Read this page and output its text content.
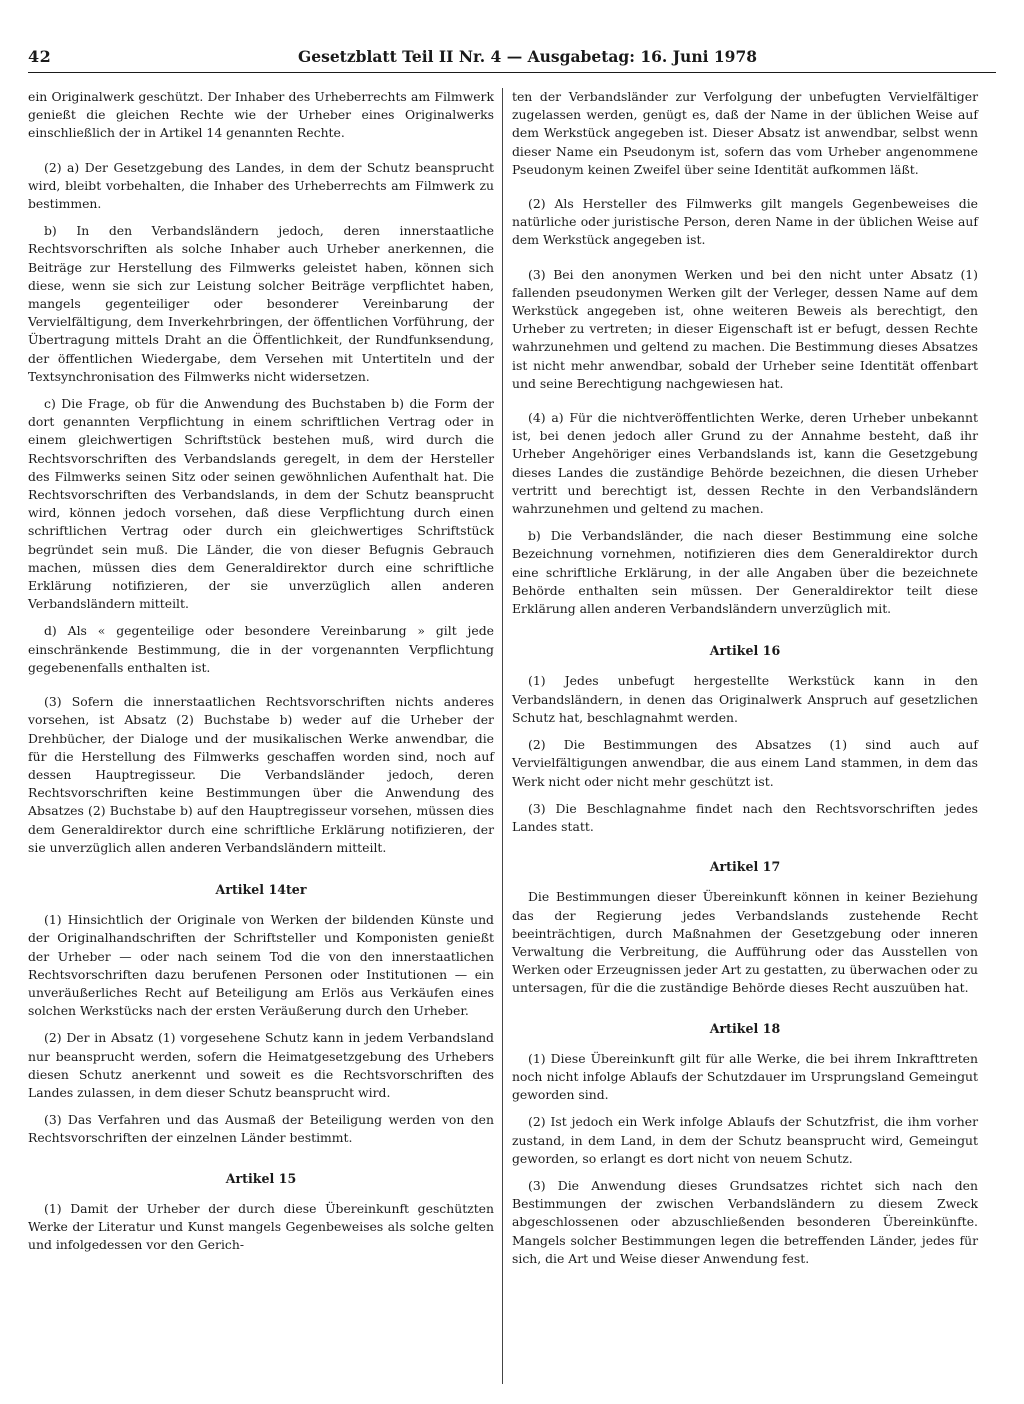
42	Gesetzblatt Teil II Nr. 4 — Ausgabetag: 16. Juni 1978

ein Originalwerk geschützt. Der Inhaber des Urheberrechts am Filmwerk genießt die gleichen Rechte wie der Urheber eines Originalwerks einschließlich der in Artikel 14 genannten Rechte.

(2) a) Der Gesetzgebung des Landes, in dem der Schutz beansprucht wird, bleibt vorbehalten, die Inhaber des Urheberrechts am Filmwerk zu bestimmen.

b) In den Verbandsländern jedoch, deren innerstaatliche Rechtsvorschriften als solche Inhaber auch Urheber anerkennen, die Beiträge zur Herstellung des Filmwerks geleistet haben, können sich diese, wenn sie sich zur Leistung solcher Beiträge verpflichtet haben, mangels gegenteiliger oder besonderer Vereinbarung der Vervielfältigung, dem Inverkehrbringen, der öffentlichen Vorführung, der Übertragung mittels Draht an die Öffentlichkeit, der Rundfunksendung, der öffentlichen Wiedergabe, dem Versehen mit Untertiteln und der Textsynchronisation des Filmwerks nicht widersetzen.

c) Die Frage, ob für die Anwendung des Buchstaben b) die Form der dort genannten Verpflichtung in einem schriftlichen Vertrag oder in einem gleichwertigen Schriftstück bestehen muß, wird durch die Rechtsvorschriften des Verbandslands geregelt, in dem der Hersteller des Filmwerks seinen Sitz oder seinen gewöhnlichen Aufenthalt hat. Die Rechtsvorschriften des Verbandslands, in dem der Schutz beansprucht wird, können jedoch vorsehen, daß diese Verpflichtung durch einen schriftlichen Vertrag oder durch ein gleichwertiges Schriftstück begründet sein muß. Die Länder, die von dieser Befugnis Gebrauch machen, müssen dies dem Generaldirektor durch eine schriftliche Erklärung notifizieren, der sie unverzüglich allen anderen Verbandsländern mitteilt.

d) Als « gegenteilige oder besondere Vereinbarung » gilt jede einschränkende Bestimmung, die in der vorgenannten Verpflichtung gegebenenfalls enthalten ist.

(3) Sofern die innerstaatlichen Rechtsvorschriften nichts anderes vorsehen, ist Absatz (2) Buchstabe b) weder auf die Urheber der Drehbücher, der Dialoge und der musikalischen Werke anwendbar, die für die Herstellung des Filmwerks geschaffen worden sind, noch auf dessen Hauptregisseur. Die Verbandsländer jedoch, deren Rechtsvorschriften keine Bestimmungen über die Anwendung des Absatzes (2) Buchstabe b) auf den Hauptregisseur vorsehen, müssen dies dem Generaldirektor durch eine schriftliche Erklärung notifizieren, der sie unverzüglich allen anderen Verbandsländern mitteilt.

Artikel 14ter

(1) Hinsichtlich der Originale von Werken der bildenden Künste und der Originalhandschriften der Schriftsteller und Komponisten genießt der Urheber — oder nach seinem Tod die von den innerstaatlichen Rechtsvorschriften dazu berufenen Personen oder Institutionen — ein unveräußerliches Recht auf Beteiligung am Erlös aus Verkäufen eines solchen Werkstücks nach der ersten Veräußerung durch den Urheber.

(2) Der in Absatz (1) vorgesehene Schutz kann in jedem Verbandsland nur beansprucht werden, sofern die Heimatgesetzgebung des Urhebers diesen Schutz anerkennt und soweit es die Rechtsvorschriften des Landes zulassen, in dem dieser Schutz beansprucht wird.

(3) Das Verfahren und das Ausmaß der Beteiligung werden von den Rechtsvorschriften der einzelnen Länder bestimmt.

Artikel 15

(1) Damit der Urheber der durch diese Übereinkunft geschützten Werke der Literatur und Kunst mangels Gegenbeweises als solche gelten und infolgedessen vor den Gerich-

ten der Verbandsländer zur Verfolgung der unbefugten Vervielfältiger zugelassen werden, genügt es, daß der Name in der üblichen Weise auf dem Werkstück angegeben ist. Dieser Absatz ist anwendbar, selbst wenn dieser Name ein Pseudonym ist, sofern das vom Urheber angenommene Pseudonym keinen Zweifel über seine Identität aufkommen läßt.

(2) Als Hersteller des Filmwerks gilt mangels Gegenbeweises die natürliche oder juristische Person, deren Name in der üblichen Weise auf dem Werkstück angegeben ist.

(3) Bei den anonymen Werken und bei den nicht unter Absatz (1) fallenden pseudonymen Werken gilt der Verleger, dessen Name auf dem Werkstück angegeben ist, ohne weiteren Beweis als berechtigt, den Urheber zu vertreten; in dieser Eigenschaft ist er befugt, dessen Rechte wahrzunehmen und geltend zu machen. Die Bestimmung dieses Absatzes ist nicht mehr anwendbar, sobald der Urheber seine Identität offenbart und seine Berechtigung nachgewiesen hat.

(4) a) Für die nichtveröffentlichten Werke, deren Urheber unbekannt ist, bei denen jedoch aller Grund zu der Annahme besteht, daß ihr Urheber Angehöriger eines Verbandslands ist, kann die Gesetzgebung dieses Landes die zuständige Behörde bezeichnen, die diesen Urheber vertritt und berechtigt ist, dessen Rechte in den Verbandsländern wahrzunehmen und geltend zu machen.

b) Die Verbandsländer, die nach dieser Bestimmung eine solche Bezeichnung vornehmen, notifizieren dies dem Generaldirektor durch eine schriftliche Erklärung, in der alle Angaben über die bezeichnete Behörde enthalten sein müssen. Der Generaldirektor teilt diese Erklärung allen anderen Verbandsländern unverzüglich mit.

Artikel 16

(1) Jedes unbefugt hergestellte Werkstück kann in den Verbandsländern, in denen das Originalwerk Anspruch auf gesetzlichen Schutz hat, beschlagnahmt werden.

(2) Die Bestimmungen des Absatzes (1) sind auch auf Vervielfältigungen anwendbar, die aus einem Land stammen, in dem das Werk nicht oder nicht mehr geschützt ist.

(3) Die Beschlagnahme findet nach den Rechtsvorschriften jedes Landes statt.

Artikel 17

Die Bestimmungen dieser Übereinkunft können in keiner Beziehung das der Regierung jedes Verbandslands zustehende Recht beeinträchtigen, durch Maßnahmen der Gesetzgebung oder inneren Verwaltung die Verbreitung, die Aufführung oder das Ausstellen von Werken oder Erzeugnissen jeder Art zu gestatten, zu überwachen oder zu untersagen, für die die zuständige Behörde dieses Recht auszuüben hat.

Artikel 18

(1) Diese Übereinkunft gilt für alle Werke, die bei ihrem Inkrafttreten noch nicht infolge Ablaufs der Schutzdauer im Ursprungsland Gemeingut geworden sind.

(2) Ist jedoch ein Werk infolge Ablaufs der Schutzfrist, die ihm vorher zustand, in dem Land, in dem der Schutz beansprucht wird, Gemeingut geworden, so erlangt es dort nicht von neuem Schutz.

(3) Die Anwendung dieses Grundsatzes richtet sich nach den Bestimmungen der zwischen Verbandsländern zu diesem Zweck abgeschlossenen oder abzuschließenden besonderen Übereinkünfte. Mangels solcher Bestimmungen legen die betreffenden Länder, jedes für sich, die Art und Weise dieser Anwendung fest.
